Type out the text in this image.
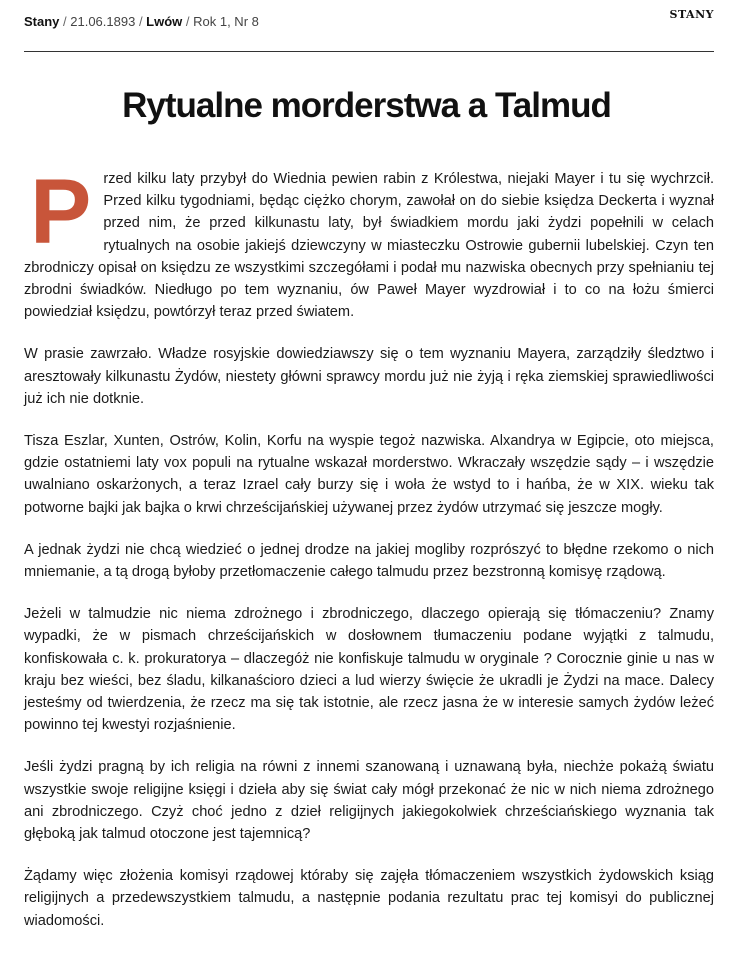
Stany / 21.06.1893 / Lwów / Rok 1, Nr 8	STANY
Rytualne morderstwa a Talmud

Przed kilku laty przybył do Wiednia pewien rabin z Królestwa, niejaki Mayer i tu się wychrzcił. Przed kilku tygodniami, będąc ciężko chorym, zawołał on do siebie księdza Deckerta i wyznał przed nim, że przed kilkunastu laty, był świadkiem mordu jaki żydzi popełnili w celach rytualnych na osobie jakiejś dziewczyny w miasteczku Ostrowie gubernii lubelskiej. Czyn ten zbrodniczy opisał on księdzu ze wszystkimi szczegółami i podał mu nazwiska obecnych przy spełnianiu tej zbrodni świadków. Niedługo po tem wyznaniu, ów Paweł Mayer wyzdrowiał i to co na łożu śmierci powiedział księdzu, powtórzył teraz przed światem.

W prasie zawrzało. Władze rosyjskie dowiedziawszy się o tem wyznaniu Mayera, zarządziły śledztwo i aresztowały kilkunastu Żydów, niestety główni sprawcy mordu już nie żyją i ręka ziemskiej sprawiedliwości już ich nie dotknie.

Tisza Eszlar, Xunten, Ostrów, Kolin, Korfu na wyspie tegoż nazwiska. Alxandrya w Egipcie, oto miejsca, gdzie ostatniemi laty vox populi na rytualne wskazał morderstwo. Wkraczały wszędzie sądy – i wszędzie uwalniano oskarżonych, a teraz Izrael cały burzy się i woła że wstyd to i hańba, że w XIX. wieku tak potworne bajki jak bajka o krwi chrześcijańskiej używanej przez żydów utrzymać się jeszcze mogły.

A jednak żydzi nie chcą wiedzieć o jednej drodze na jakiej mogliby rozprószyć to błędne rzekomo o nich mniemanie, a tą drogą byłoby przetłomaczenie całego talmudu przez bezstronną komisyę rządową.

Jeżeli w talmudzie nic niema zdrożnego i zbrodniczego, dlaczego opierają się tłómaczeniu? Znamy wypadki, że w pismach chrześcijańskich w dosłownem tłumaczeniu podane wyjątki z talmudu, konfiskowała c. k. prokuratorya – dlaczegóż nie konfiskuje talmudu w oryginale ? Corocznie ginie u nas w kraju bez wieści, bez śladu, kilkanaścioro dzieci a lud wierzy święcie że ukradli je Żydzi na mace. Dalecy jesteśmy od twierdzenia, że rzecz ma się tak istotnie, ale rzecz jasna że w interesie samych żydów leżeć powinno tej kwestyi rozjaśnienie.

Jeśli żydzi pragną by ich religia na równi z innemi szanowaną i uznawaną była, niechże pokażą światu wszystkie swoje religijne księgi i dzieła aby się świat cały mógł przekonać że nic w nich niema zdrożnego ani zbrodniczego. Czyż choć jedno z dzieł religijnych jakiegokolwiek chrześciańskiego wyznania tak głęboką jak talmud otoczone jest tajemnicą?

Żądamy więc złożenia komisyi rządowej któraby się zajęła tłómaczeniem wszystkich żydowskich ksiąg religijnych a przedewszystkiem talmudu, a następnie podania rezultatu prac tej komisyi do publicznej wiadomości.
